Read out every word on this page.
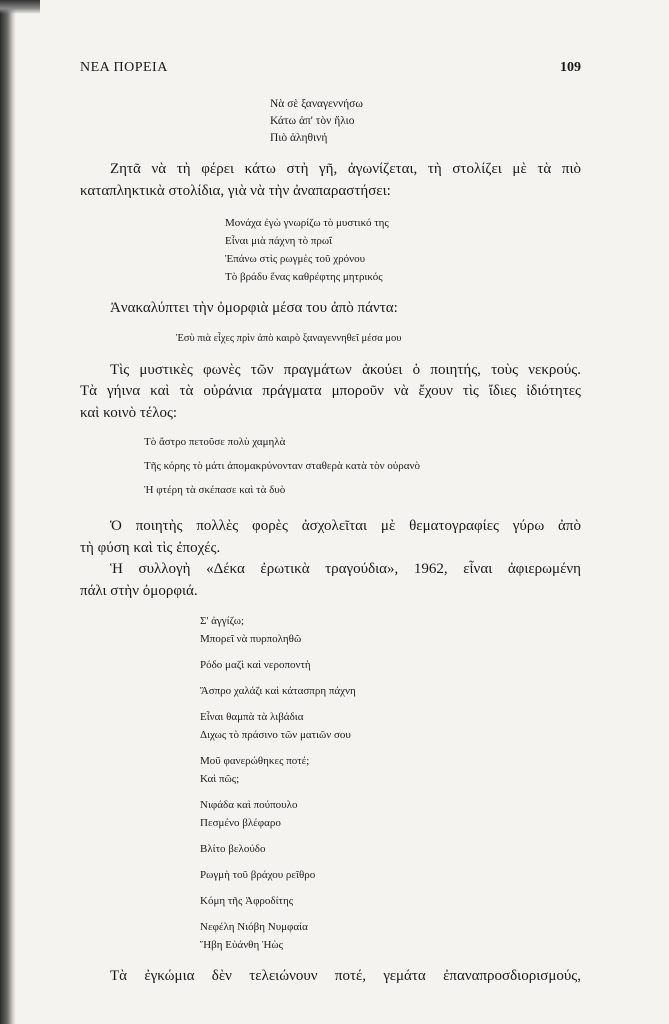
ΝΕΑ ΠΟΡΕΙΑ	109
Νὰ σὲ ξαναγεννήσω
Κάτω ἀπ' τὸν ἥλιο
Πιὸ ἀληθινή
Ζητᾶ νὰ τὴ φέρει κάτω στὴ γῆ, ἀγωνίζεται, τὴ στολίζει μὲ τὰ πιὸ
καταπληκτικὰ στολίδια, γιὰ νὰ τὴν ἀναπαραστήσει:
Μονάχα ἐγὼ γνωρίζω τὸ μυστικό της
Εἶναι μιὰ πάχνη τὸ πρωΐ
Ἐπάνω στὶς ρωγμὲς τοῦ χρόνου
Τὸ βράδυ ἕνας καθρέφτης μητρικός
Ἀνακαλύπτει τὴν ὀμορφιὰ μέσα του ἀπὸ πάντα:
Ἐσὺ πιὰ εἶχες πρὶν ἀπὸ καιρὸ ξαναγεννηθεῖ μέσα μου
Τὶς μυστικὲς φωνὲς τῶν πραγμάτων ἀκούει ὁ ποιητής, τοὺς νεκρούς.
Τὰ γήινα καὶ τὰ οὐράνια πράγματα μποροῦν νὰ ἔχουν τὶς ἴδιες ἰδιότητες
καὶ κοινὸ τέλος:
Τὸ ἄστρο πετοῦσε πολὺ χαμηλὰ
Τῆς κόρης τὸ μάτι ἀπομακρύνονταν σταθερὰ κατὰ τὸν οὐρανὸ
Ἡ φτέρη τὰ σκέπασε καὶ τὰ δυὸ
Ὁ ποιητὴς πολλὲς φορὲς ἀσχολεῖται μὲ θεματογραφίες γύρω ἀπὸ
τὴ φύση καὶ τὶς ἐποχές.
Ἡ συλλογὴ «Δέκα ἐρωτικὰ τραγούδια», 1962, εἶναι ἀφιερωμένη
πάλι στὴν ὀμορφιά.
Σ' ἀγγίζω;
Μπορεῖ νὰ πυρποληθῶ
Ρόδο μαζὶ καὶ νεροποντὴ
Ἄσπρο χαλάζι καὶ κάτασπρη πάχνη
Εἶναι θαμπὰ τὰ λιβάδια
Διχως τὸ πράσινο τῶν ματιῶν σου
Μοῦ φανερώθηκες ποτέ;
Καὶ πῶς;
Νιφάδα καὶ πούπουλο
Πεσμένο βλέφαρο
Βλίτο βελούδο
Ρωγμὴ τοῦ βράχου ρεῖθρο
Κόμη τῆς Ἀφροδίτης
Νεφέλη Νιόβη Νυμφαία
Ἥβη Εὐάνθη Ἠὼς
Τὰ ἐγκώμια δὲν τελειώνουν ποτέ, γεμάτα ἐπαναπροσδιορισμούς,
